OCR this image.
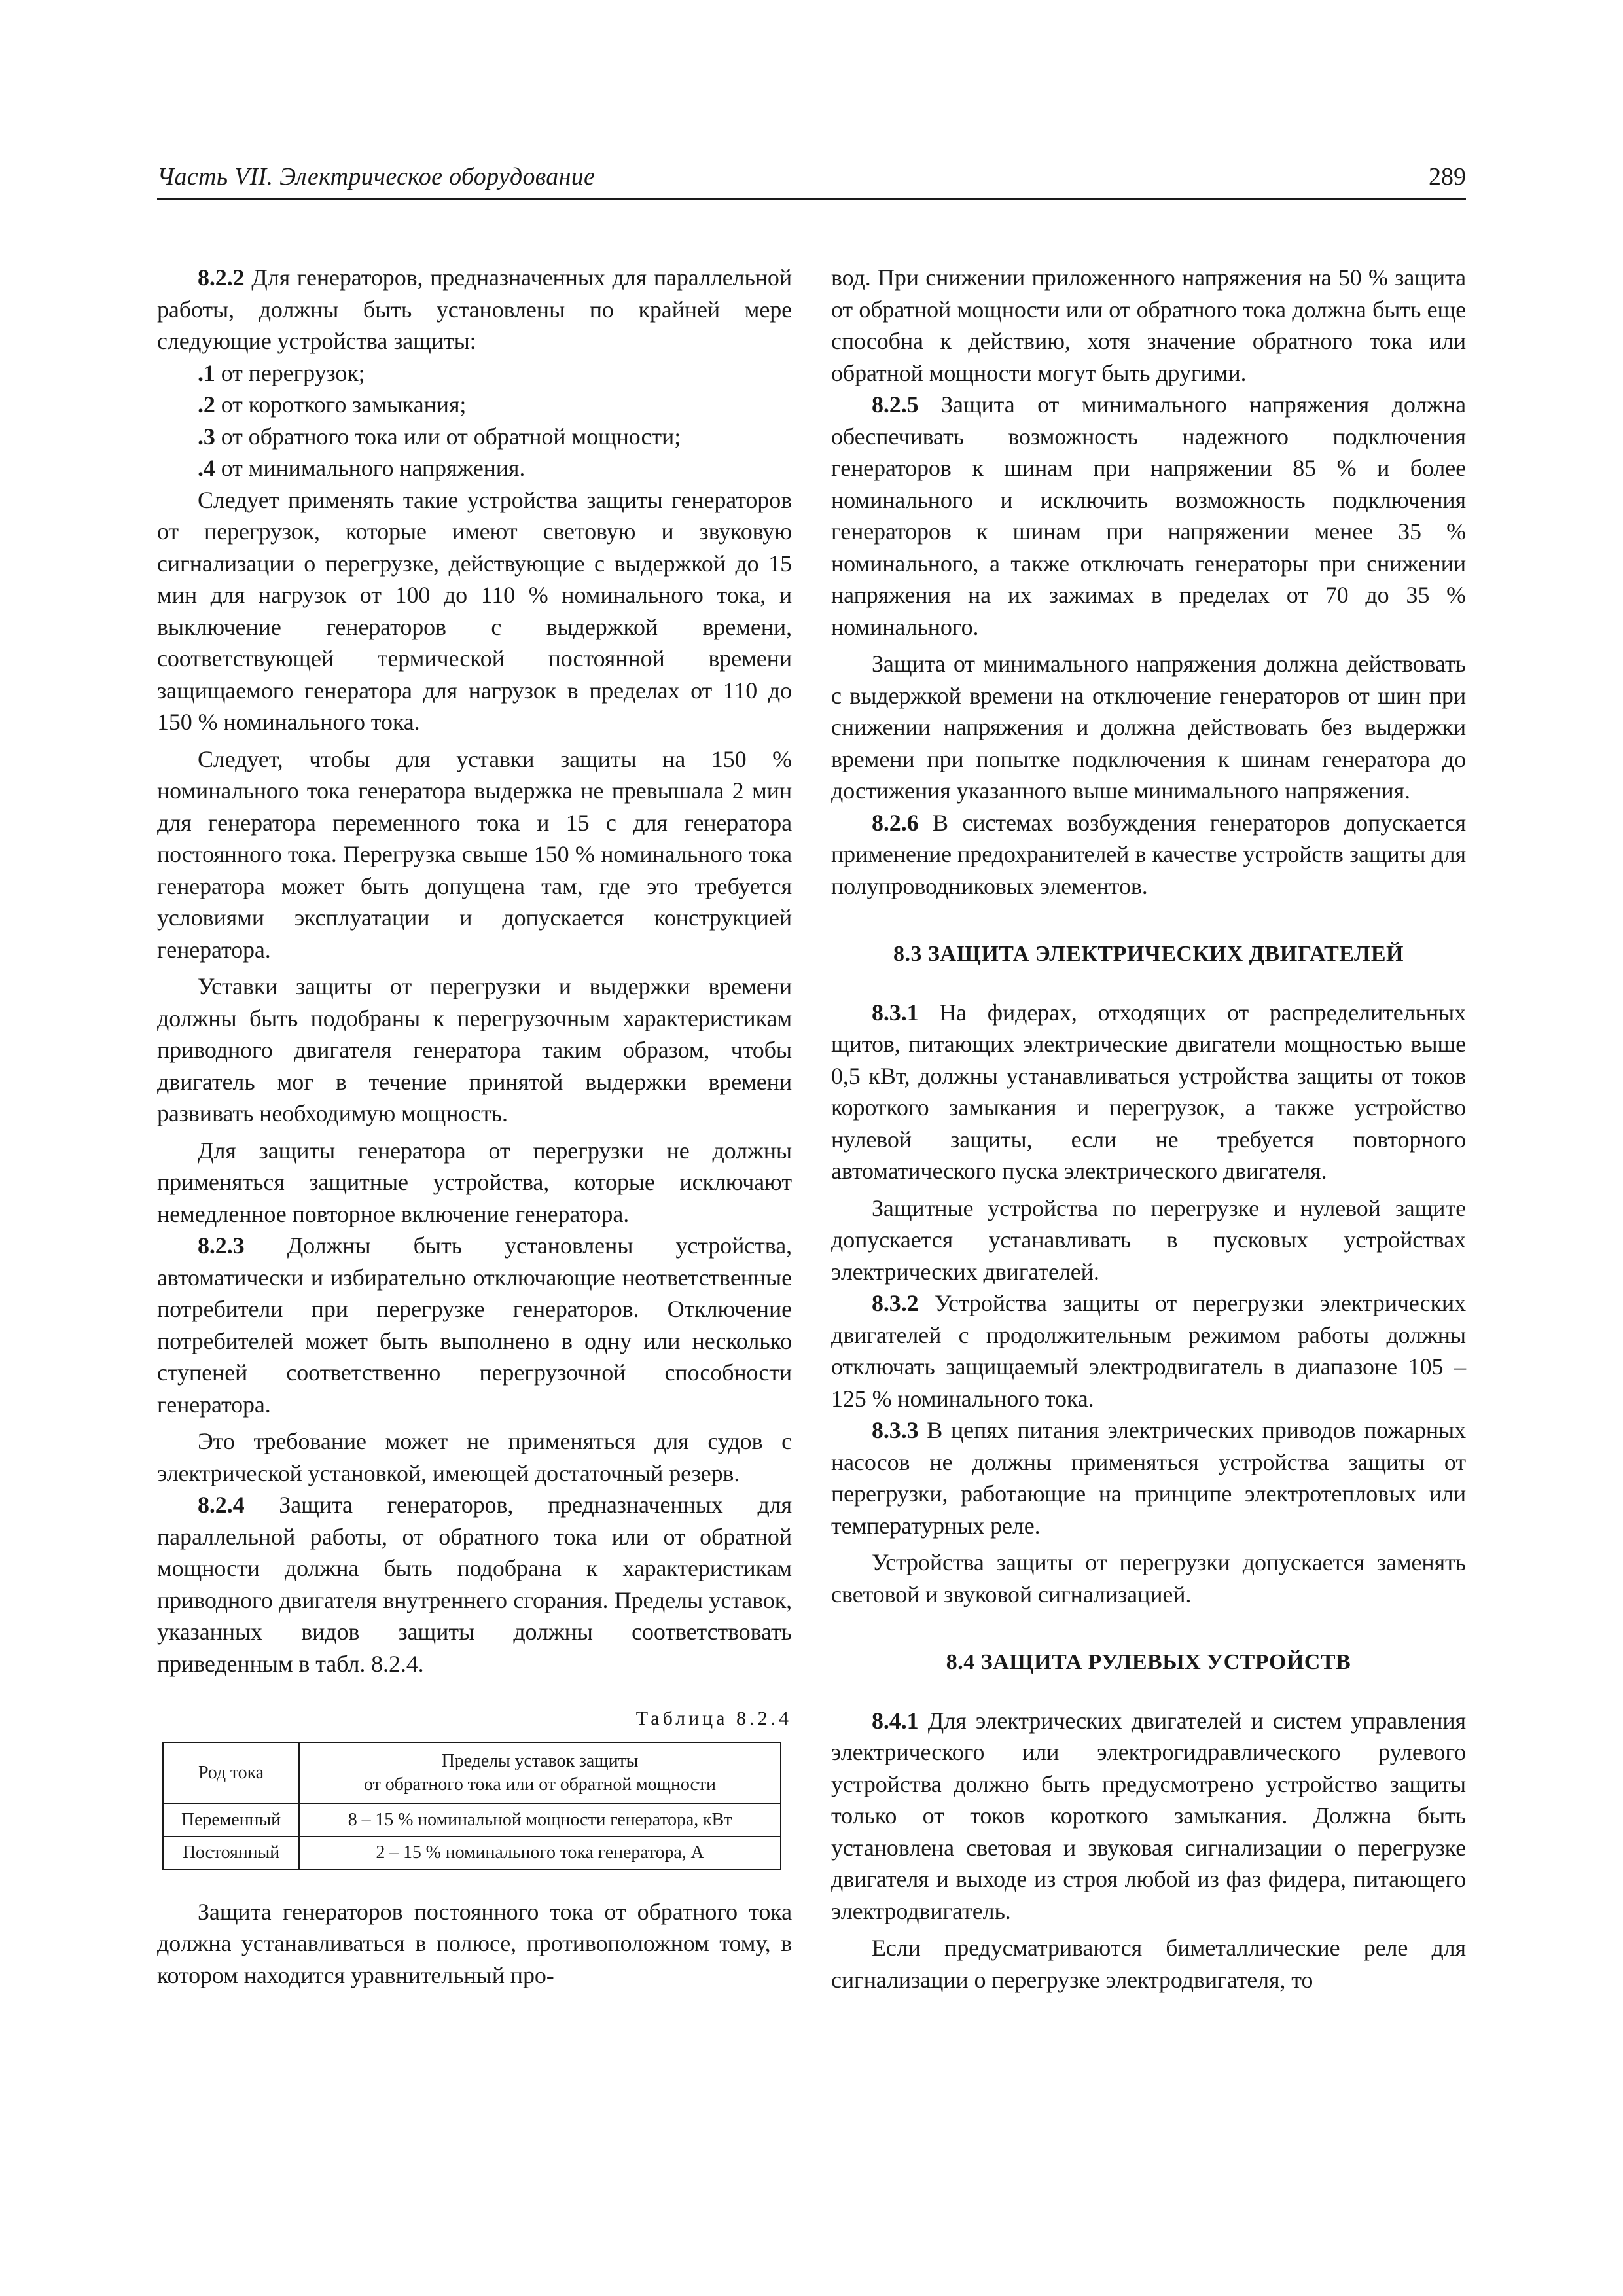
Часть VII. Электрическое оборудование	289

8.2.2 Для генераторов, предназначенных для параллельной работы, должны быть установлены по крайней мере следующие устройства защиты:

.1 от перегрузок;
.2 от короткого замыкания;
.3 от обратного тока или от обратной мощности;
.4 от минимального напряжения.

Следует применять такие устройства защиты генераторов от перегрузок, которые имеют световую и звуковую сигнализации о перегрузке, действующие с выдержкой до 15 мин для нагрузок от 100 до 110 % номинального тока, и выключение генераторов с выдержкой времени, соответствующей термической постоянной времени защищаемого генератора для нагрузок в пределах от 110 до 150 % номинального тока.

Следует, чтобы для уставки защиты на 150 % номинального тока генератора выдержка не превышала 2 мин для генератора переменного тока и 15 с для генератора постоянного тока. Перегрузка свыше 150 % номинального тока генератора может быть допущена там, где это требуется условиями эксплуатации и допускается конструкцией генератора.

Уставки защиты от перегрузки и выдержки времени должны быть подобраны к перегрузочным характеристикам приводного двигателя генератора таким образом, чтобы двигатель мог в течение принятой выдержки времени развивать необходимую мощность.

Для защиты генератора от перегрузки не должны применяться защитные устройства, которые исключают немедленное повторное включение генератора.

8.2.3 Должны быть установлены устройства, автоматически и избирательно отключающие неответственные потребители при перегрузке генераторов. Отключение потребителей может быть выполнено в одну или несколько ступеней соответственно перегрузочной способности генератора.

Это требование может не применяться для судов с электрической установкой, имеющей достаточный резерв.

8.2.4 Защита генераторов, предназначенных для параллельной работы, от обратного тока или от обратной мощности должна быть подобрана к характеристикам приводного двигателя внутреннего сгорания. Пределы уставок, указанных видов защиты должны соответствовать приведенным в табл. 8.2.4.

Таблица 8.2.4
Род тока	Пределы уставок защиты
от обратного тока или от обратной мощности

Переменный	8 – 15 % номинальной мощности генератора, кВт
Постоянный	2 – 15 % номинального тока генератора, А

Защита генераторов постоянного тока от обратного тока должна устанавливаться в полюсе, противоположном тому, в котором находится уравнительный про-

вод. При снижении приложенного напряжения на 50 % защита от обратной мощности или от обратного тока должна быть еще способна к действию, хотя значение обратного тока или обратной мощности могут быть другими.

8.2.5 Защита от минимального напряжения должна обеспечивать возможность надежного подключения генераторов к шинам при напряжении 85 % и более номинального и исключить возможность подключения генераторов к шинам при напряжении менее 35 % номинального, а также отключать генераторы при снижении напряжения на их зажимах в пределах от 70 до 35 % номинального.

Защита от минимального напряжения должна действовать с выдержкой времени на отключение генераторов от шин при снижении напряжения и должна действовать без выдержки времени при попытке подключения к шинам генератора до достижения указанного выше минимального напряжения.

8.2.6 В системах возбуждения генераторов допускается применение предохранителей в качестве устройств защиты для полупроводниковых элементов.

8.3 ЗАЩИТА ЭЛЕКТРИЧЕСКИХ ДВИГАТЕЛЕЙ

8.3.1 На фидерах, отходящих от распределительных щитов, питающих электрические двигатели мощностью выше 0,5 кВт, должны устанавливаться устройства защиты от токов короткого замыкания и перегрузок, а также устройство нулевой защиты, если не требуется повторного автоматического пуска электрического двигателя.

Защитные устройства по перегрузке и нулевой защите допускается устанавливать в пусковых устройствах электрических двигателей.

8.3.2 Устройства защиты от перегрузки электрических двигателей с продолжительным режимом работы должны отключать защищаемый электродвигатель в диапазоне 105 – 125 % номинального тока.

8.3.3 В цепях питания электрических приводов пожарных насосов не должны применяться устройства защиты от перегрузки, работающие на принципе электротепловых или температурных реле.

Устройства защиты от перегрузки допускается заменять световой и звуковой сигнализацией.

8.4 ЗАЩИТА РУЛЕВЫХ УСТРОЙСТВ

8.4.1 Для электрических двигателей и систем управления электрического или электрогидравлического рулевого устройства должно быть предусмотрено устройство защиты только от токов короткого замыкания. Должна быть установлена световая и звуковая сигнализации о перегрузке двигателя и выходе из строя любой из фаз фидера, питающего электродвигатель.

Если предусматриваются биметаллические реле для сигнализации о перегрузке электродвигателя, то
